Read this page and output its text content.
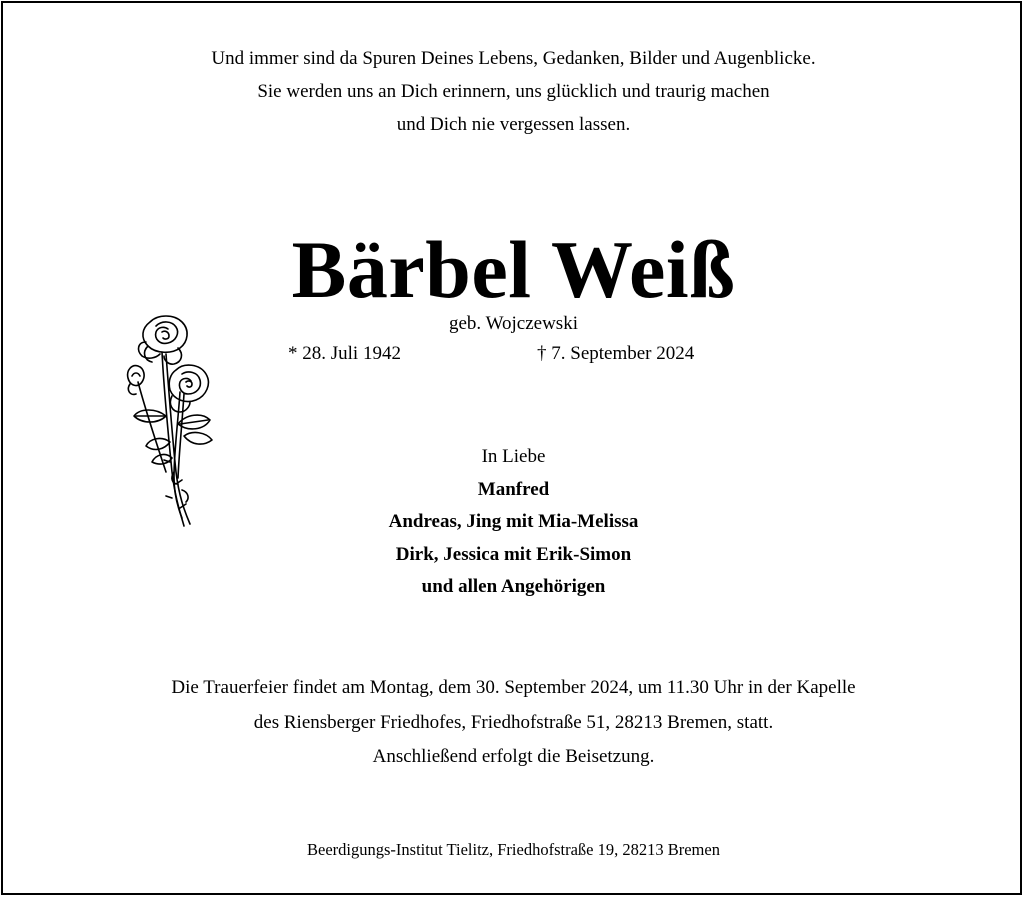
Und immer sind da Spuren Deines Lebens, Gedanken, Bilder und Augenblicke.
Sie werden uns an Dich erinnern, uns glücklich und traurig machen
und Dich nie vergessen lassen.
Bärbel Weiß
geb. Wojczewski
* 28. Juli 1942	† 7. September 2024
In Liebe
Manfred
Andreas, Jing mit Mia-Melissa
Dirk, Jessica mit Erik-Simon
und allen Angehörigen
Die Trauerfeier findet am Montag, dem 30. September 2024, um 11.30 Uhr in der Kapelle
des Riensberger Friedhofes, Friedhofstraße 51, 28213 Bremen, statt.
Anschließend erfolgt die Beisetzung.
Beerdigungs-Institut Tielitz, Friedhofstraße 19, 28213 Bremen
